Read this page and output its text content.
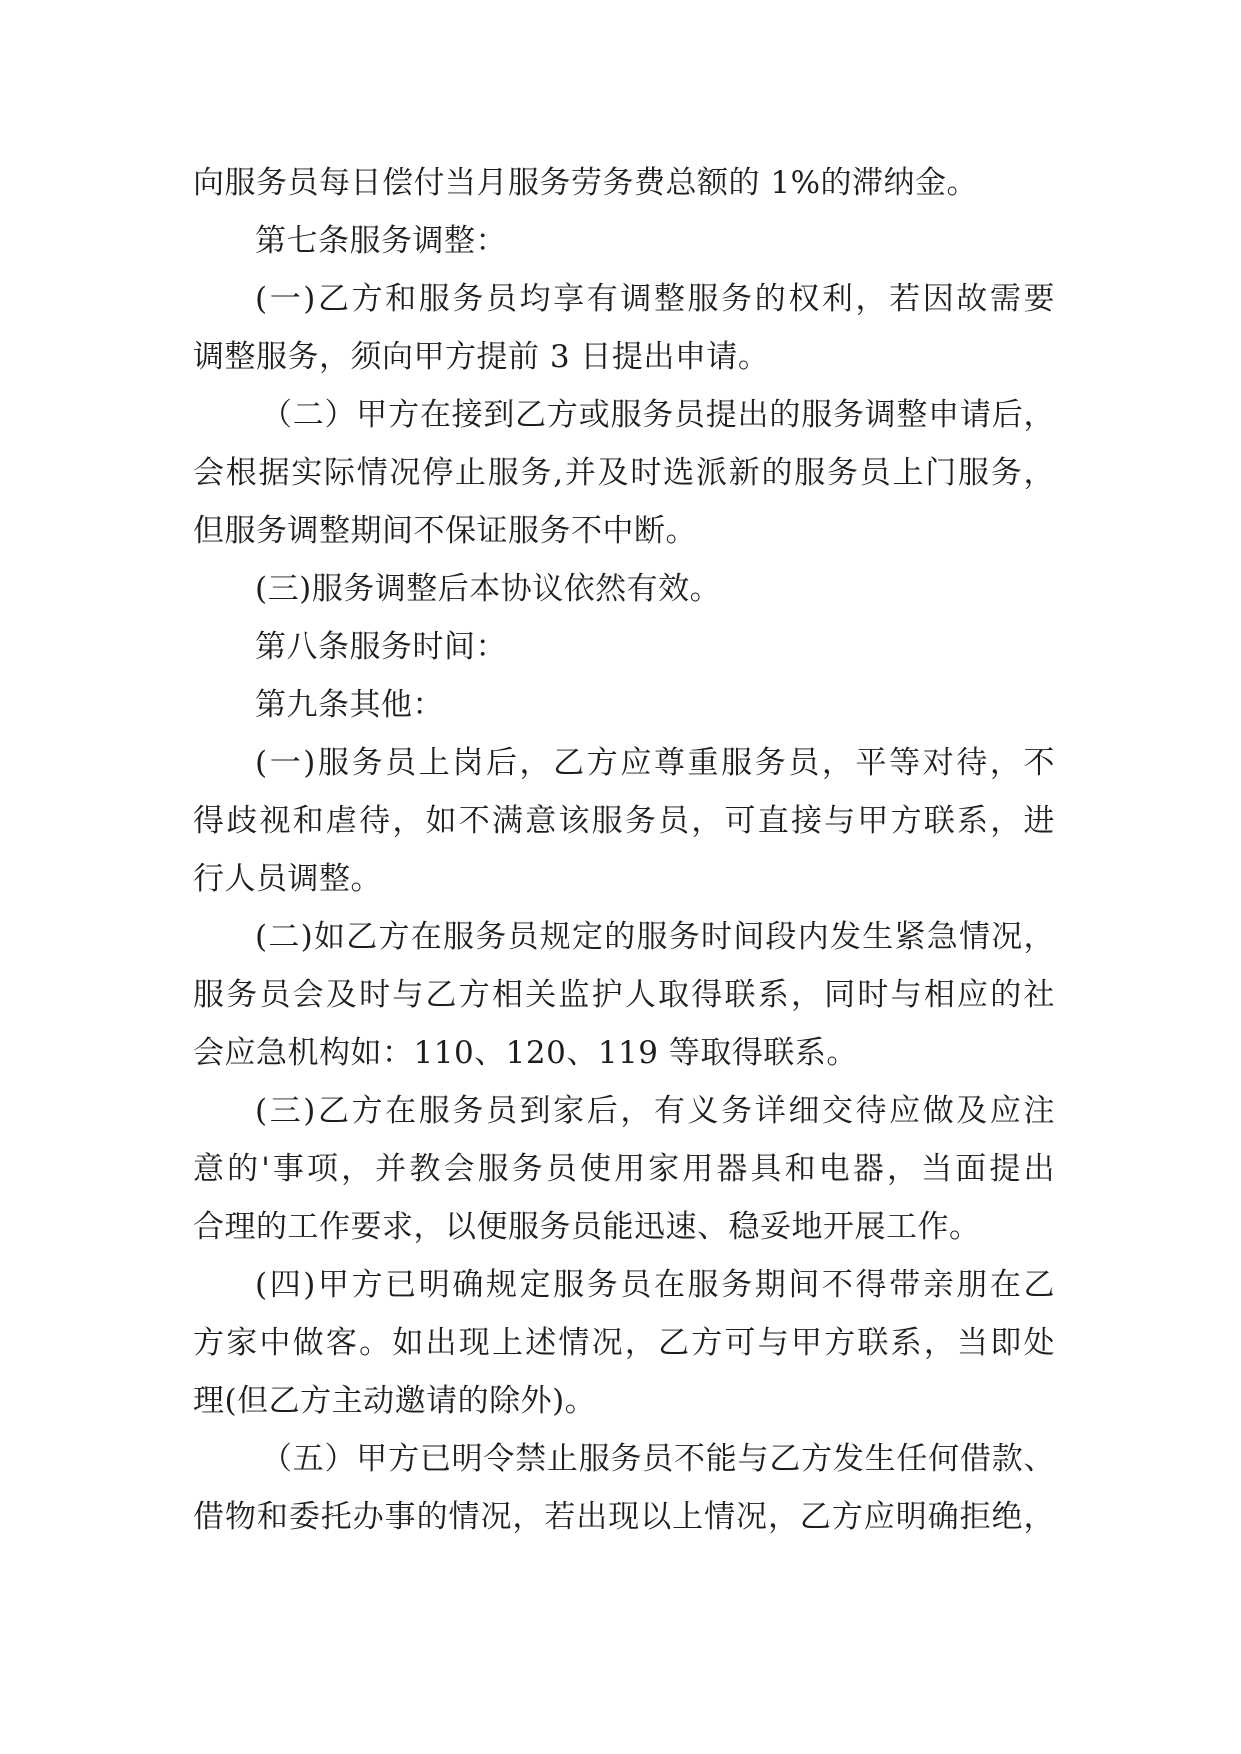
向服务员每日偿付当月服务劳务费总额的 1%的滞纳金。
第七条服务调整：
(一)乙方和服务员均享有调整服务的权利，若因故需要
调整服务，须向甲方提前 3 日提出申请。
（二）甲方在接到乙方或服务员提出的服务调整申请后，
会根据实际情况停止服务,并及时选派新的服务员上门服务，
但服务调整期间不保证服务不中断。
(三)服务调整后本协议依然有效。
第八条服务时间：
第九条其他：
(一)服务员上岗后，乙方应尊重服务员，平等对待，不
得歧视和虐待，如不满意该服务员，可直接与甲方联系，进
行人员调整。
(二)如乙方在服务员规定的服务时间段内发生紧急情况，
服务员会及时与乙方相关监护人取得联系，同时与相应的社
会应急机构如：110、120、119 等取得联系。
(三)乙方在服务员到家后，有义务详细交待应做及应注
意的'事项，并教会服务员使用家用器具和电器，当面提出
合理的工作要求，以便服务员能迅速、稳妥地开展工作。
(四)甲方已明确规定服务员在服务期间不得带亲朋在乙
方家中做客。如出现上述情况，乙方可与甲方联系，当即处
理(但乙方主动邀请的除外)。
（五）甲方已明令禁止服务员不能与乙方发生任何借款、
借物和委托办事的情况，若出现以上情况，乙方应明确拒绝，
